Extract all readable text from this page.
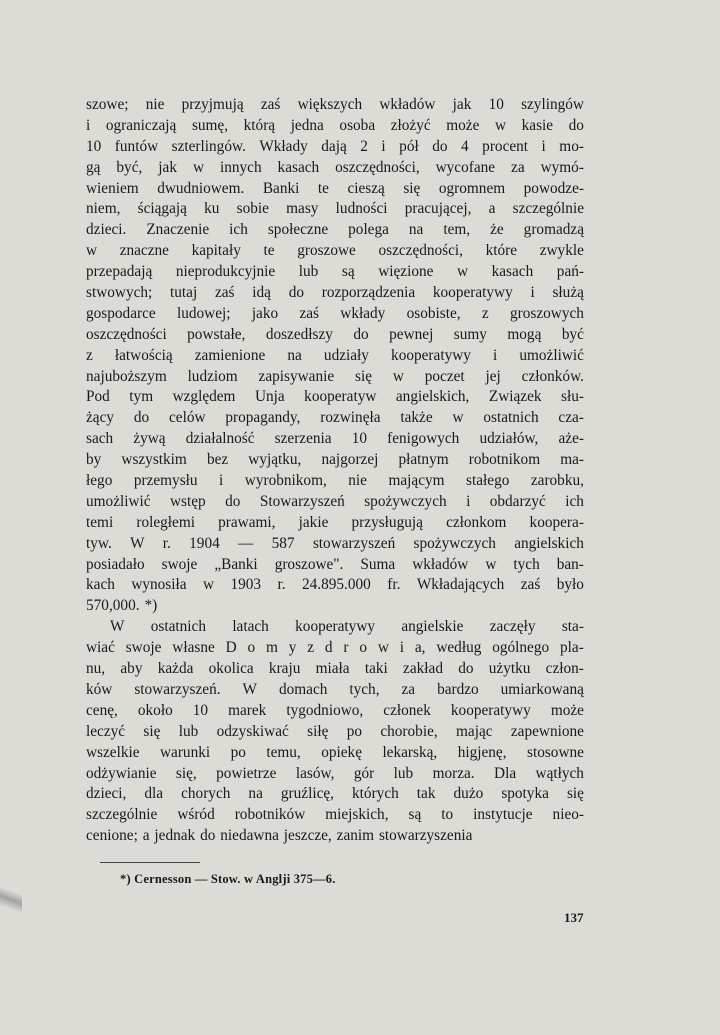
szowe; nie przyjmują zaś większych wkładów jak 10 szylingów
i ograniczają sumę, którą jedna osoba złożyć może w kasie do
10 funtów szterlingów. Wkłady dają 2 i pół do 4 procent i mo-
gą być, jak w innych kasach oszczędności, wycofane za wymó-
wieniem dwudniowem. Banki te cieszą się ogromnem powodze-
niem, ściągają ku sobie masy ludności pracującej, a szczególnie
dzieci. Znaczenie ich społeczne polega na tem, że gromadzą
w znaczne kapitały te groszowe oszczędności, które zwykle
przepadają nieprodukcyjnie lub są więzione w kasach pań-
stwowych; tutaj zaś idą do rozporządzenia kooperatywy i służą
gospodarce ludowej; jako zaś wkłady osobiste, z groszowych
oszczędności powstałe, doszedłszy do pewnej sumy mogą być
z łatwością zamienione na udziały kooperatywy i umożliwić
najuboższym ludziom zapisywanie się w poczet jej członków.
Pod tym względem Unja kooperatyw angielskich, Związek słu-
żący do celów propagandy, rozwinęła także w ostatnich cza-
sach żywą działalność szerzenia 10 fenigowych udziałów, aże-
by wszystkim bez wyjątku, najgorzej płatnym robotnikom ma-
łego przemysłu i wyrobnikom, nie mającym stałego zarobku,
umożliwić wstęp do Stowarzyszeń spożywczych i obdarzyć ich
temi roległemi prawami, jakie przysługują członkom koopera-
tyw. W r. 1904 — 587 stowarzyszeń spożywczych angielskich
posiadało swoje „Banki groszowe". Suma wkładów w tych ban-
kach wynosiła w 1903 r. 24.895.000 fr. Wkładających zaś było
570,000. *)
W ostatnich latach kooperatywy angielskie zaczęły sta-
wiać swoje własne D o m y z d r o w i a, według ogólnego pla-
nu, aby każda okolica kraju miała taki zakład do użytku człon-
ków stowarzyszeń. W domach tych, za bardzo umiarkowaną
cenę, około 10 marek tygodniowo, członek kooperatywy może
leczyć się lub odzyskiwać siłę po chorobie, mając zapewnione
wszelkie warunki po temu, opiekę lekarską, higjenę, stosowne
odżywianie się, powietrze lasów, gór lub morza. Dla wątłych
dzieci, dla chorych na gruźlicę, których tak dużo spotyka się
szczególnie wśród robotników miejskich, są to instytucje nieo-
cenione; a jednak do niedawna jeszcze, zanim stowarzyszenia
*) Cernesson — Stow. w Anglji 375—6.
137
